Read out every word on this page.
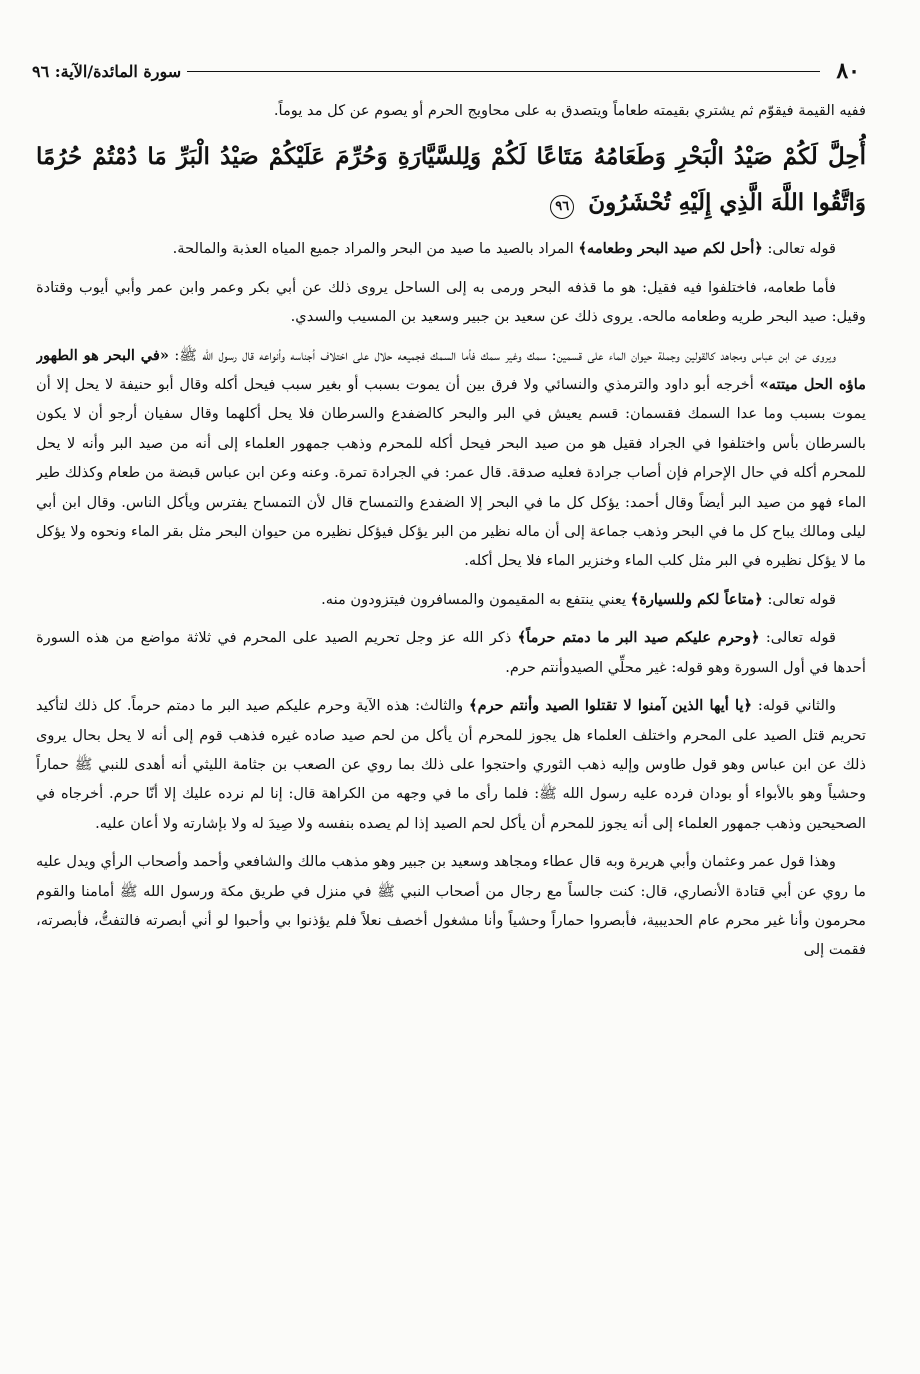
٨٠
سورة المائدة/الآية: ٩٦

ففيه القيمة فيقوّم ثم يشتري بقيمته طعاماً ويتصدق به على محاويج الحرم أو يصوم عن كل مد يوماً.

أُحِلَّ لَكُمْ صَيْدُ الْبَحْرِ وَطَعَامُهُ مَتَاعًا لَكُمْ وَلِلسَّيَّارَةِ وَحُرِّمَ عَلَيْكُمْ صَيْدُ الْبَرِّ مَا دُمْتُمْ حُرُمًا وَاتَّقُوا اللَّهَ الَّذِي إِلَيْهِ تُحْشَرُونَ ٩٦

قوله تعالى: ﴿أحل لكم صيد البحر وطعامه﴾ المراد بالصيد ما صيد من البحر والمراد جميع المياه العذبة والمالحة.

فأما طعامه، فاختلفوا فيه فقيل: هو ما قذفه البحر ورمى به إلى الساحل يروى ذلك عن أبي بكر وعمر وابن عمر وأبي أيوب وقتادة وقيل: صيد البحر طريه وطعامه مالحه. يروى ذلك عن سعيد بن جبير وسعيد بن المسيب والسدي.

ويروى عن ابن عباس ومجاهد كالقولين وجملة حيوان الماء على قسمين: سمك وغير سمك فأما السمك فجميعه حلال على اختلاف أجناسه وأنواعه قال رسول الله ﷺ: «في البحر هو الطهور ماؤه الحل ميتته» أخرجه أبو داود والترمذي والنسائي ولا فرق بين أن يموت بسبب أو بغير سبب فيحل أكله وقال أبو حنيفة لا يحل إلا أن يموت بسبب وما عدا السمك فقسمان: قسم يعيش في البر والبحر كالضفدع والسرطان فلا يحل أكلهما وقال سفيان أرجو أن لا يكون بالسرطان بأس واختلفوا في الجراد فقيل هو من صيد البحر فيحل أكله للمحرم وذهب جمهور العلماء إلى أنه من صيد البر وأنه لا يحل للمحرم أكله في حال الإحرام فإن أصاب جرادة فعليه صدقة. قال عمر: في الجرادة تمرة. وعنه وعن ابن عباس قبضة من طعام وكذلك طير الماء فهو من صيد البر أيضاً وقال أحمد: يؤكل كل ما في البحر إلا الضفدع والتمساح قال لأن التمساح يفترس ويأكل الناس. وقال ابن أبي ليلى ومالك يباح كل ما في البحر وذهب جماعة إلى أن ماله نظير من البر يؤكل فيؤكل نظيره من حيوان البحر مثل بقر الماء ونحوه ولا يؤكل ما لا يؤكل نظيره في البر مثل كلب الماء وخنزير الماء فلا يحل أكله.

قوله تعالى: ﴿متاعاً لكم وللسيارة﴾ يعني ينتفع به المقيمون والمسافرون فيتزودون منه.

قوله تعالى: ﴿وحرم عليكم صيد البر ما دمتم حرماً﴾ ذكر الله عز وجل تحريم الصيد على المحرم في ثلاثة مواضع من هذه السورة أحدها في أول السورة وهو قوله: غير محلِّي الصيدوأنتم حرم.

والثاني قوله: ﴿يا أيها الذين آمنوا لا تقتلوا الصيد وأنتم حرم﴾ والثالث: هذه الآية وحرم عليكم صيد البر ما دمتم حرماً. كل ذلك لتأكيد تحريم قتل الصيد على المحرم واختلف العلماء هل يجوز للمحرم أن يأكل من لحم صيد صاده غيره فذهب قوم إلى أنه لا يحل بحال يروى ذلك عن ابن عباس وهو قول طاوس وإليه ذهب الثوري واحتجوا على ذلك بما روي عن الصعب بن جثامة الليثي أنه أهدى للنبي ﷺ حماراً وحشياً وهو بالأبواء أو بودان فرده عليه رسول الله ﷺ: فلما رأى ما في وجهه من الكراهة قال: إنا لم نرده عليك إلا أنّا حرم. أخرجاه في الصحيحين وذهب جمهور العلماء إلى أنه يجوز للمحرم أن يأكل لحم الصيد إذا لم يصده بنفسه ولا صِيدَ له ولا بإشارته ولا أعان عليه.

وهذا قول عمر وعثمان وأبي هريرة وبه قال عطاء ومجاهد وسعيد بن جبير وهو مذهب مالك والشافعي وأحمد وأصحاب الرأي ويدل عليه ما روي عن أبي قتادة الأنصاري، قال: كنت جالساً مع رجال من أصحاب النبي ﷺ في منزل في طريق مكة ورسول الله ﷺ أمامنا والقوم محرمون وأنا غير محرم عام الحديبية، فأبصروا حماراً وحشياً وأنا مشغول أخصف نعلاً فلم يؤذنوا بي وأحبوا لو أني أبصرته فالتفتُّ، فأبصرته، فقمت إلى
